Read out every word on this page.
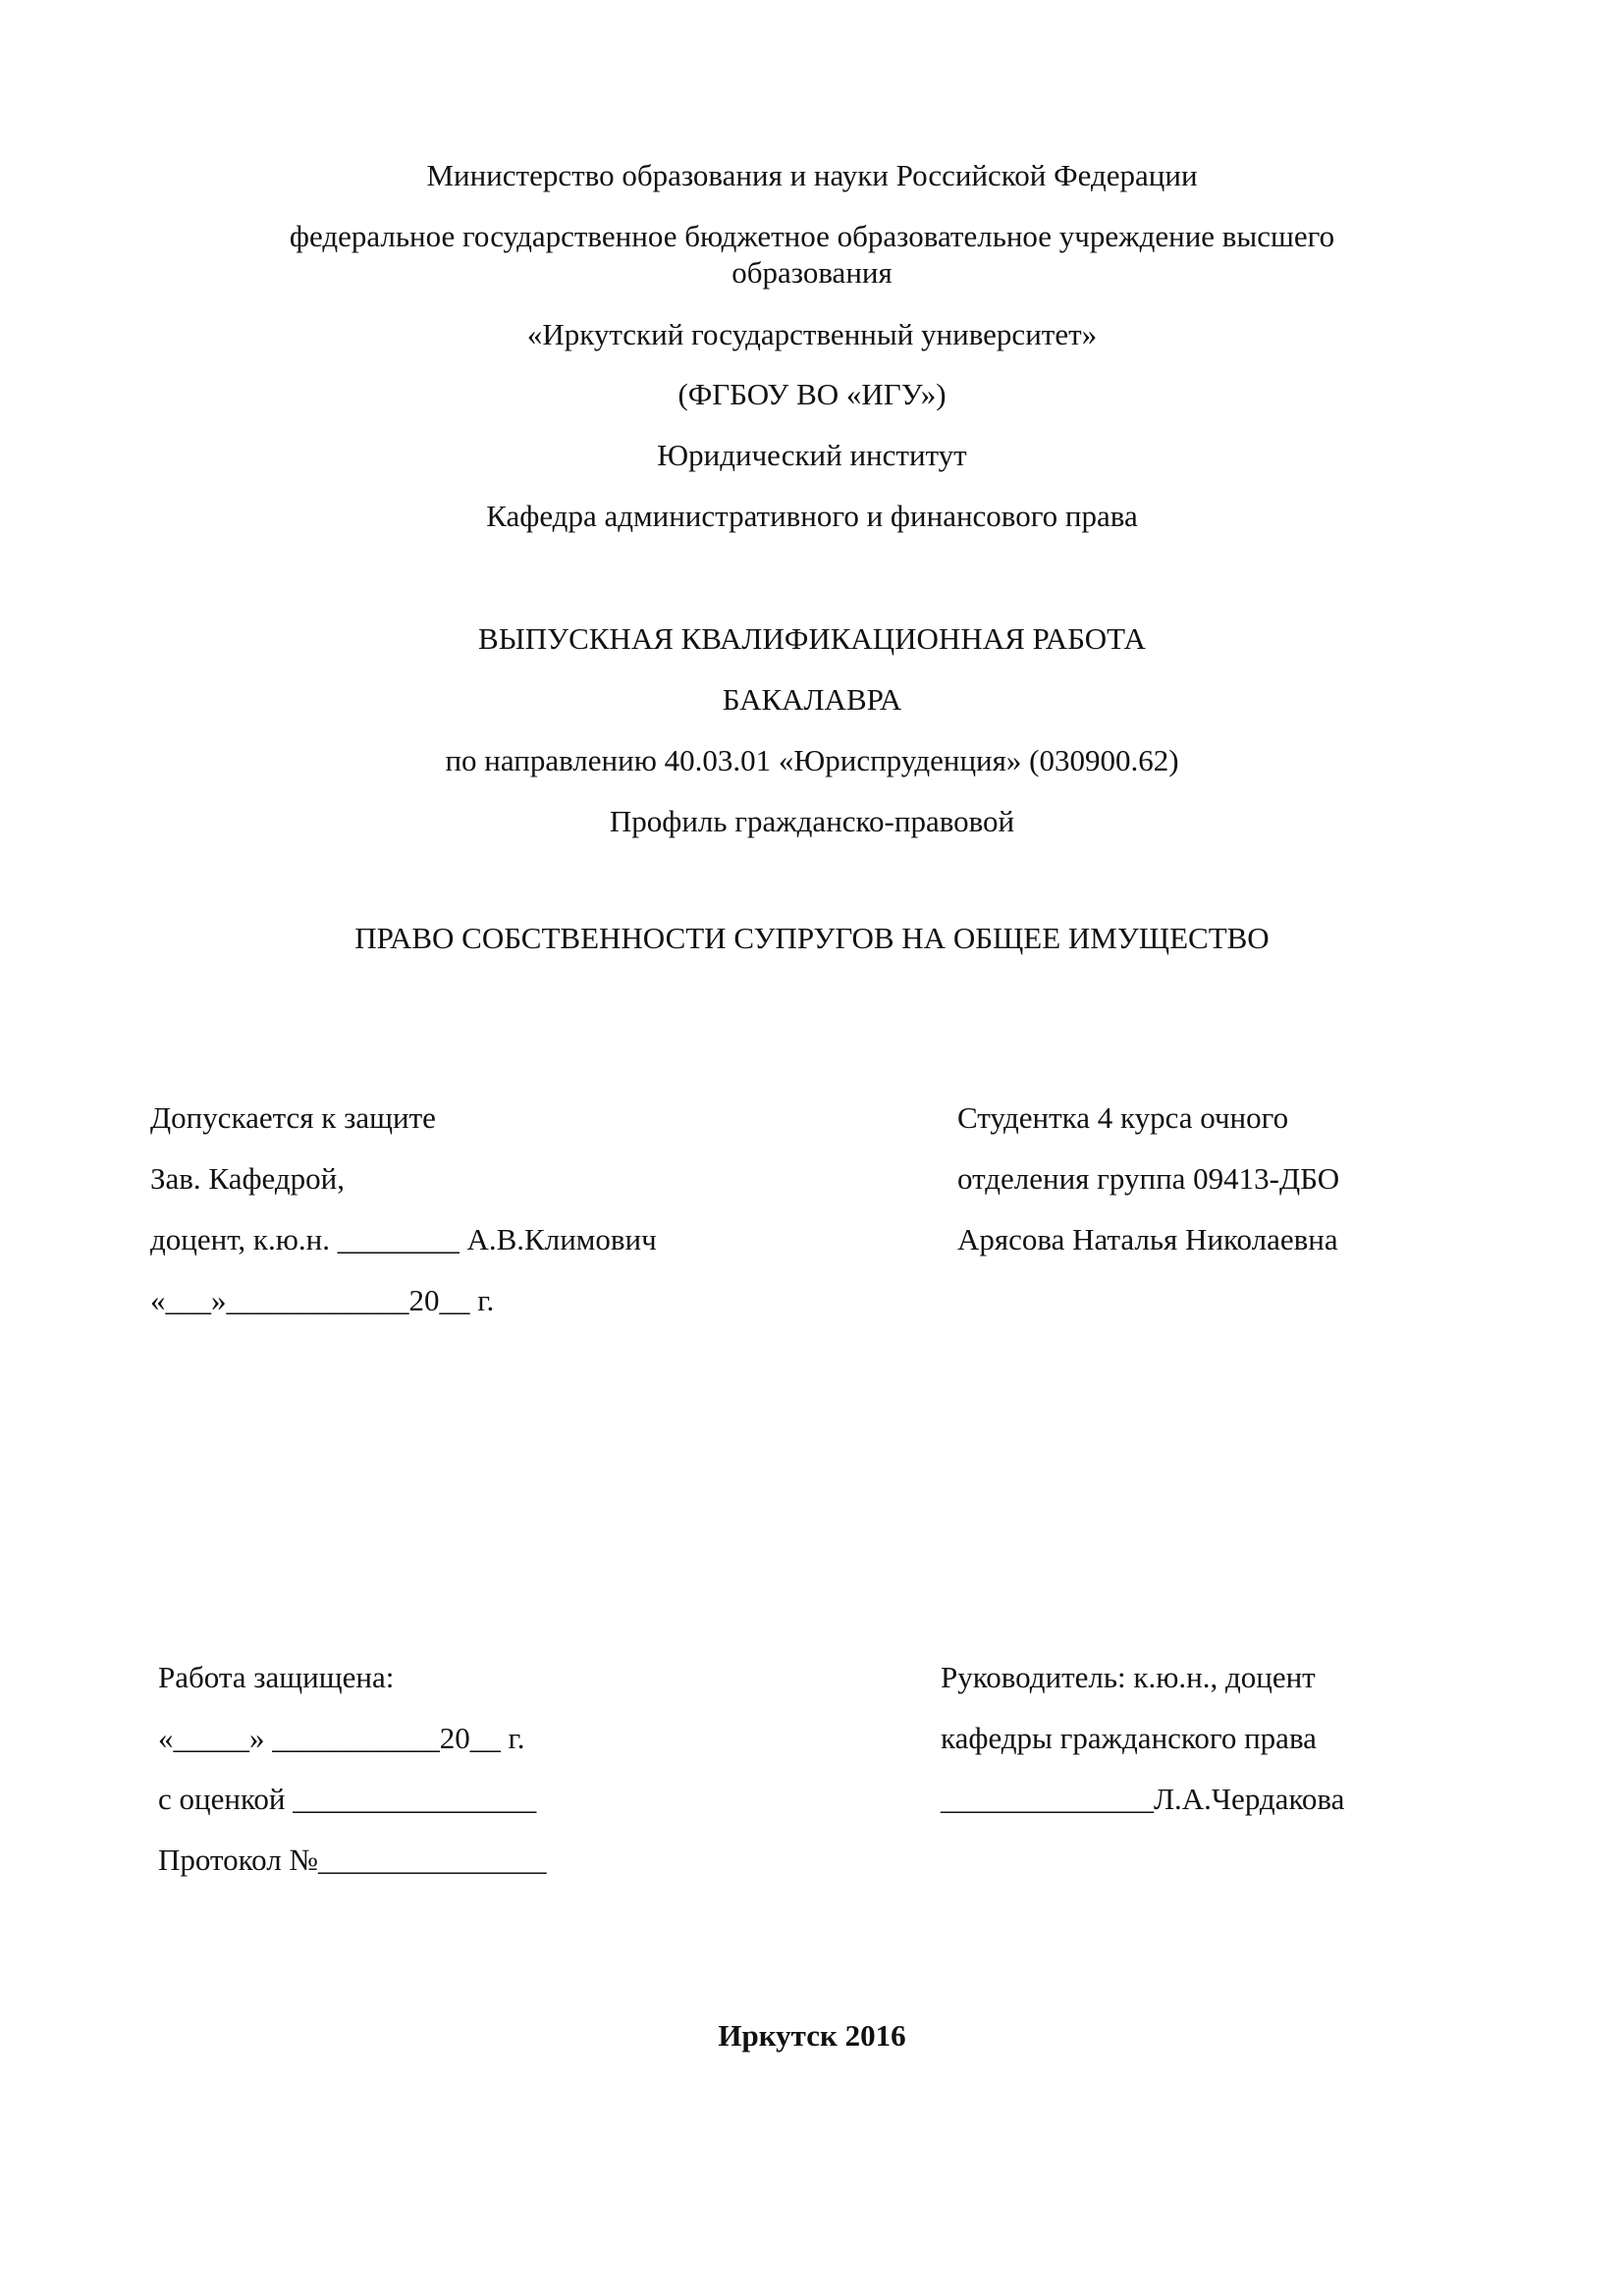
Министерство образования и науки Российской Федерации
федеральное государственное бюджетное образовательное учреждение высшего
образования
«Иркутский государственный университет»
(ФГБОУ ВО «ИГУ»)
Юридический институт
Кафедра административного и финансового права
ВЫПУСКНАЯ КВАЛИФИКАЦИОННАЯ РАБОТА
БАКАЛАВРА
по направлению 40.03.01 «Юриспруденция» (030900.62)
Профиль гражданско-правовой
ПРАВО СОБСТВЕННОСТИ СУПРУГОВ НА ОБЩЕЕ ИМУЩЕСТВО
Допускается к защите
Зав. Кафедрой,
доцент, к.ю.н. ________ А.В.Климович
«___»____________20__ г.
Студентка 4 курса очного
отделения группа 09413-ДБО
Арясова Наталья Николаевна
Работа защищена:
«_____» ___________20__ г.
с оценкой ________________
Протокол №_______________
Руководитель: к.ю.н., доцент
кафедры гражданского права
______________Л.А.Чердакова
Иркутск 2016
